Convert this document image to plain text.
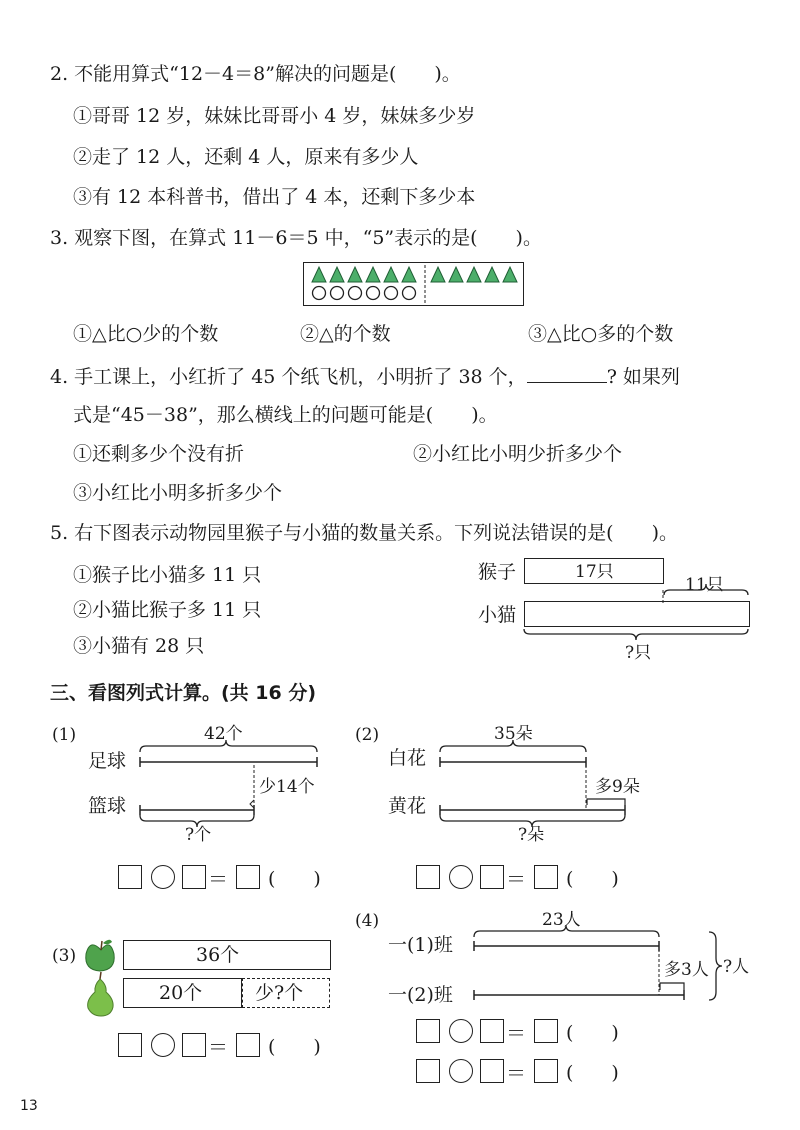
2. 不能用算式“12－4＝8”解决的问题是(　　)。
①哥哥 12 岁，妹妹比哥哥小 4 岁，妹妹多少岁
②走了 12 人，还剩 4 人，原来有多少人
③有 12 本科普书，借出了 4 本，还剩下多少本
3. 观察下图，在算式 11－6＝5 中，“5”表示的是(　　)。
①△比○少的个数	②△的个数	③△比○多的个数
4. 手工课上，小红折了 45 个纸飞机，小明折了 38 个，	? 如果列
式是“45－38”，那么横线上的问题可能是(　　)。
①还剩多少个没有折	②小红比小明少折多少个
③小红比小明多折多少个
5. 右下图表示动物园里猴子与小猫的数量关系。下列说法错误的是(　　)。
①猴子比小猫多 11 只
②小猫比猴子多 11 只
③小猫有 28 只
猴子
小猫
17只
11只
?只
三、看图列式计算。(共 16 分)
(1)	42个
足球
篮球
少14个
?个
(2)	35朵
白花
黄花
多9朵
?朵
＝ (　　)	＝ (　　)
(3)	36个
20个	少?个
＝ (　　)
(4)	23人
一(1)班
一(2)班
多3人 ?人
＝ (　　)
＝ (　　)
13
